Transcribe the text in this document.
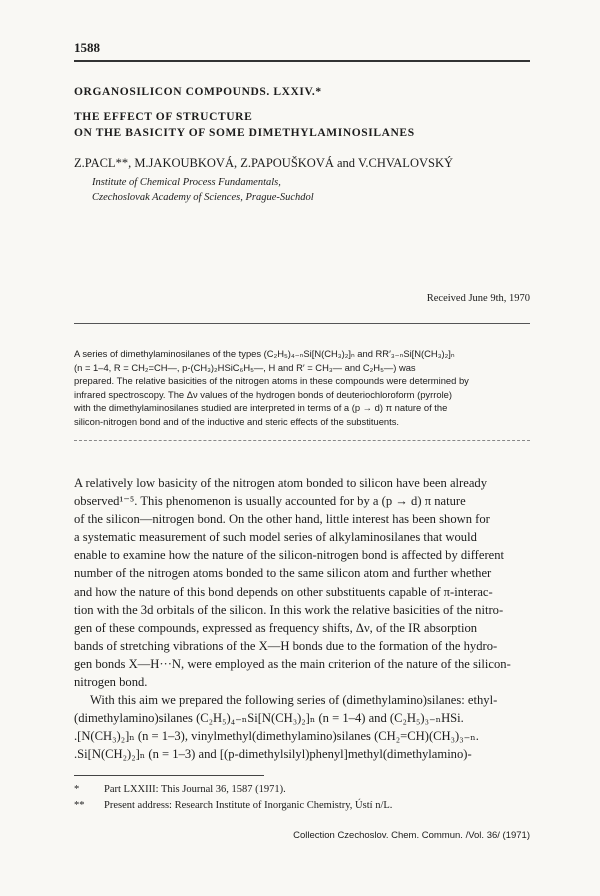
1588
ORGANOSILICON COMPOUNDS. LXXIV.*
THE EFFECT OF STRUCTURE
ON THE BASICITY OF SOME DIMETHYLAMINOSILANES
Z.PACL**, M.JAKOUBKOVÁ, Z.PAPOUŠKOVÁ and V.CHVALOVSKÝ
Institute of Chemical Process Fundamentals,
Czechoslovak Academy of Sciences, Prague-Suchdol
Received June 9th, 1970
A series of dimethylaminosilanes of the types (C₂H₅)₄₋ₙSi[N(CH₃)₂]ₙ and RR′₃₋ₙSi[N(CH₃)₂]ₙ
(n = 1–4, R = CH₂=CH—, p-(CH₃)₂HSiC₆H₅—, H and R′ = CH₃— and C₂H₅—) was
prepared. The relative basicities of the nitrogen atoms in these compounds were determined by
infrared spectroscopy. The Δν values of the hydrogen bonds of deuteriochloroform (pyrrole)
with the dimethylaminosilanes studied are interpreted in terms of a (p → d) π nature of the
silicon-nitrogen bond and of the inductive and steric effects of the substituents.
A relatively low basicity of the nitrogen atom bonded to silicon have been already
observed¹⁻⁵. This phenomenon is usually accounted for by a (p → d) π nature
of the silicon—nitrogen bond. On the other hand, little interest has been shown for
a systematic measurement of such model series of alkylaminosilanes that would
enable to examine how the nature of the silicon-nitrogen bond is affected by different
number of the nitrogen atoms bonded to the same silicon atom and further whether
and how the nature of this bond depends on other substituents capable of π-interac-
tion with the 3d orbitals of the silicon. In this work the relative basicities of the nitro-
gen of these compounds, expressed as frequency shifts, Δν, of the IR absorption
bands of stretching vibrations of the X—H bonds due to the formation of the hydro-
gen bonds X—H···N, were employed as the main criterion of the nature of the silicon-
nitrogen bond.
With this aim we prepared the following series of (dimethylamino)silanes: ethyl-
(dimethylamino)silanes (C₂H₅)₄₋ₙSi[N(CH₃)₂]ₙ (n = 1–4) and (C₂H₅)₃₋ₙHSi.
.[N(CH₃)₂]ₙ (n = 1–3), vinylmethyl(dimethylamino)silanes (CH₂=CH)(CH₃)₃₋ₙ.
.Si[N(CH₂)₂]ₙ (n = 1–3) and [(p-dimethylsilyl)phenyl]methyl(dimethylamino)-
*	Part LXXIII: This Journal 36, 1587 (1971).
**	Present address: Research Institute of Inorganic Chemistry, Ústí n/L.
Collection Czechoslov. Chem. Commun. /Vol. 36/ (1971)
